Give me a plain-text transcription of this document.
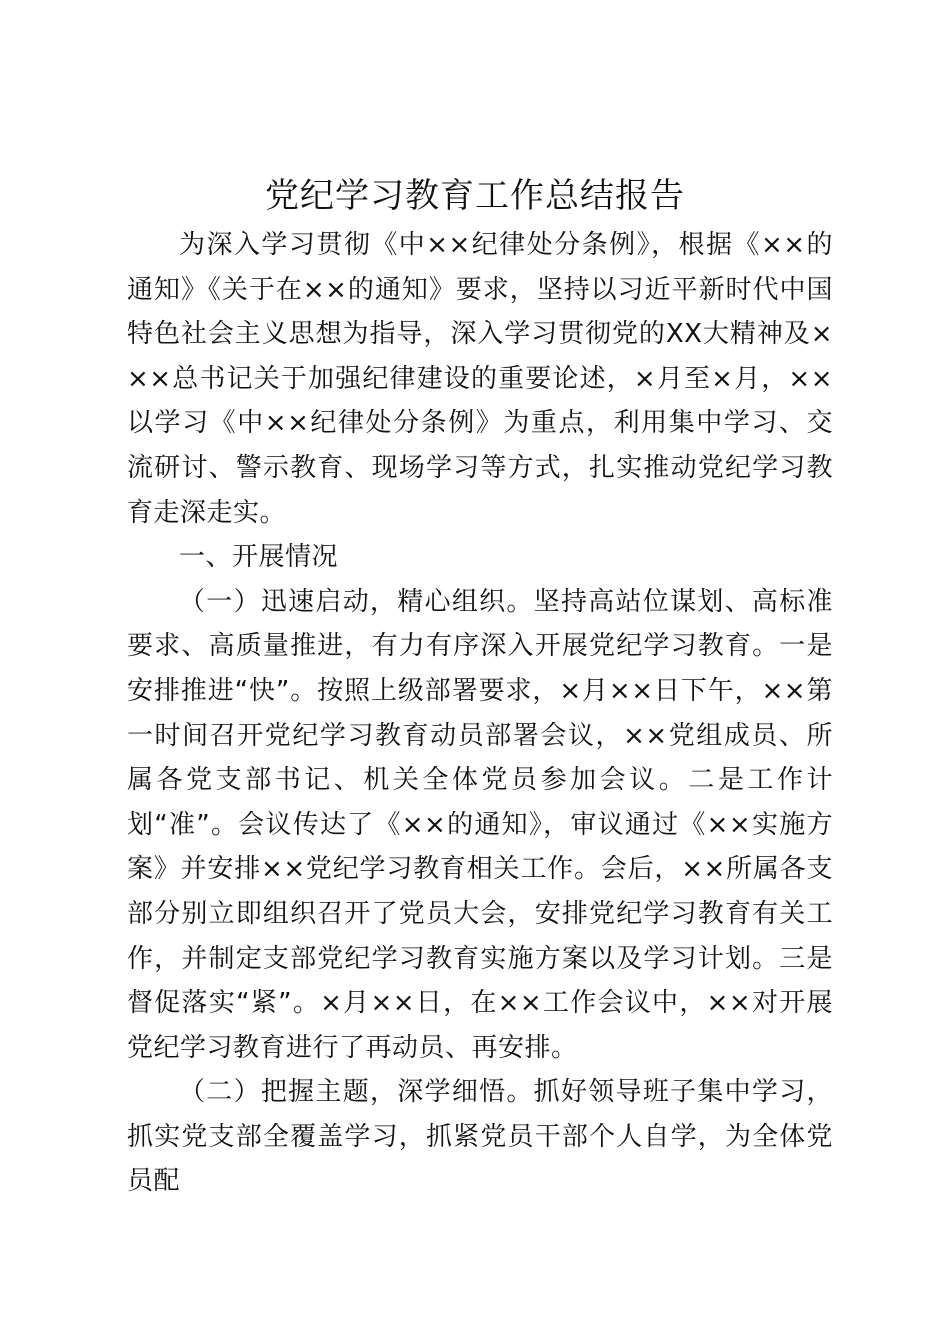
党纪学习教育工作总结报告

为深入学习贯彻《中××纪律处分条例》，根据《××的通知》《关于在××的通知》要求，坚持以习近平新时代中国特色社会主义思想为指导，深入学习贯彻党的XX大精神及×××总书记关于加强纪律建设的重要论述，×月至×月，××以学习《中××纪律处分条例》为重点，利用集中学习、交流研讨、警示教育、现场学习等方式，扎实推动党纪学习教育走深走实。

一、开展情况

（一）迅速启动，精心组织。坚持高站位谋划、高标准要求、高质量推进，有力有序深入开展党纪学习教育。一是安排推进“快”。按照上级部署要求，×月××日下午，××第一时间召开党纪学习教育动员部署会议，××党组成员、所属各党支部书记、机关全体党员参加会议。二是工作计划“准”。会议传达了《××的通知》，审议通过《××实施方案》并安排××党纪学习教育相关工作。会后，××所属各支部分别立即组织召开了党员大会，安排党纪学习教育有关工作，并制定支部党纪学习教育实施方案以及学习计划。三是督促落实“紧”。×月××日，在××工作会议中，××对开展党纪学习教育进行了再动员、再安排。

（二）把握主题，深学细悟。抓好领导班子集中学习，抓实党支部全覆盖学习，抓紧党员干部个人自学，为全体党员配
